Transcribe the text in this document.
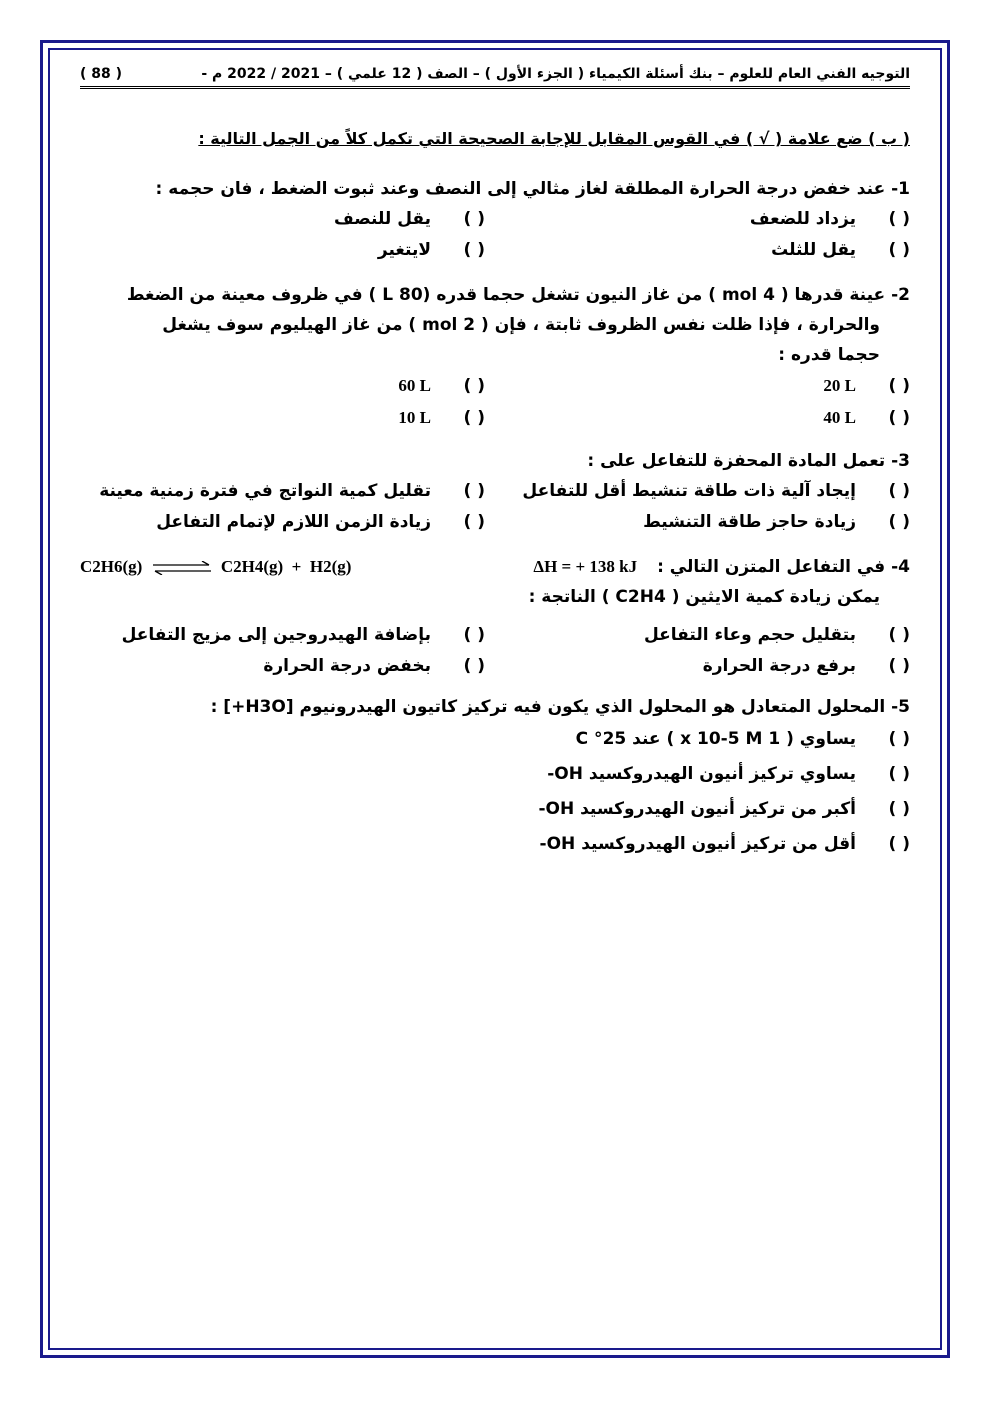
التوجيه الفني العام للعلوم – بنك أسئلة الكيمياء ( الجزء الأول ) – الصف ( 12 علمي ) – 2021 / 2022 م -
( 88 )
( ب ) ضع علامة ( √ ) في القوس المقابل للإجابة الصحيحة التي تكمل كلاً من الجمل التالية :
1- عند خفض درجة الحرارة المطلقة لغاز مثالي إلى النصف وعند ثبوت الضغط ، فان حجمه :
( )يزداد للضعف
( )يقل للنصف
( )يقل للثلث
( )لايتغير
2- عينة قدرها ( 4 mol ) من غاز النيون تشغل حجما قدره (L 80 ) في ظروف معينة من الضغط
والحرارة ، فإذا ظلت نفس الظروف ثابتة ، فإن ( 2 mol ) من غاز الهيليوم سوف يشغل
حجما قدره :
( )20 L
( )60 L
( )40 L
( )10 L
3- تعمل المادة المحفزة للتفاعل على :
( )إيجاد آلية ذات طاقة تنشيط أقل للتفاعل
( )تقليل كمية النواتج في فترة زمنية معينة
( )زيادة حاجز طاقة التنشيط
( )زيادة الزمن اللازم لإتمام التفاعل
4- في التفاعل المتزن التالي : ΔH = + 138 kJ
C2H6(g)	C2H4(g) + H2(g)
يمكن زيادة كمية الايثين ( C2H4 ) الناتجة :
( )بتقليل حجم وعاء التفاعل
( )بإضافة الهيدروجين إلى مزيج التفاعل
( )برفع درجة الحرارة
( )بخفض درجة الحرارة
5- المحلول المتعادل هو المحلول الذي يكون فيه تركيز كاتيون الهيدرونيوم [H3O+] :
( )يساوي ( 1 x 10-5 M ) عند 25° C
( )يساوي تركيز أنيون الهيدروكسيد OH-
( )أكبر من تركيز أنيون الهيدروكسيد OH-
( )أقل من تركيز أنيون الهيدروكسيد OH-
